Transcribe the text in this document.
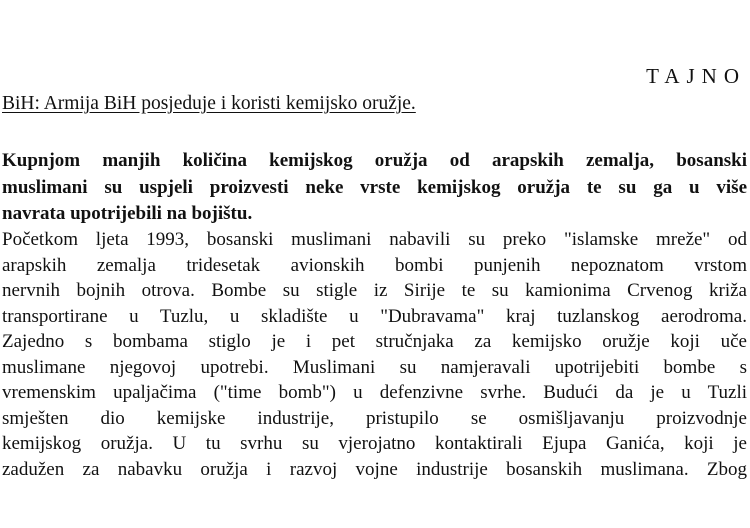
TAJNO
BiH: Armija BiH posjeduje i koristi kemijsko oružje.
Kupnjom manjih količina kemijskog oružja od arapskih zemalja, bosanski
muslimani su uspjeli proizvesti neke vrste kemijskog oružja te su ga u više
navrata upotrijebili na bojištu.
Početkom ljeta 1993, bosanski muslimani nabavili su preko "islamske mreže" od
arapskih zemalja tridesetak avionskih bombi punjenih nepoznatom vrstom
nervnih bojnih otrova. Bombe su stigle iz Sirije te su kamionima Crvenog križa
transportirane u Tuzlu, u skladište u "Dubravama" kraj tuzlanskog aerodroma.
Zajedno s bombama stiglo je i pet stručnjaka za kemijsko oružje koji uče
muslimane njegovoj upotrebi. Muslimani su namjeravali upotrijebiti bombe s
vremenskim upaljačima ("time bomb") u defenzivne svrhe. Budući da je u Tuzli
smješten dio kemijske industrije, pristupilo se osmišljavanju proizvodnje
kemijskog oružja. U tu svrhu su vjerojatno kontaktirali Ejupa Ganića, koji je
zadužen za nabavku oružja i razvoj vojne industrije bosanskih muslimana. Zbog
